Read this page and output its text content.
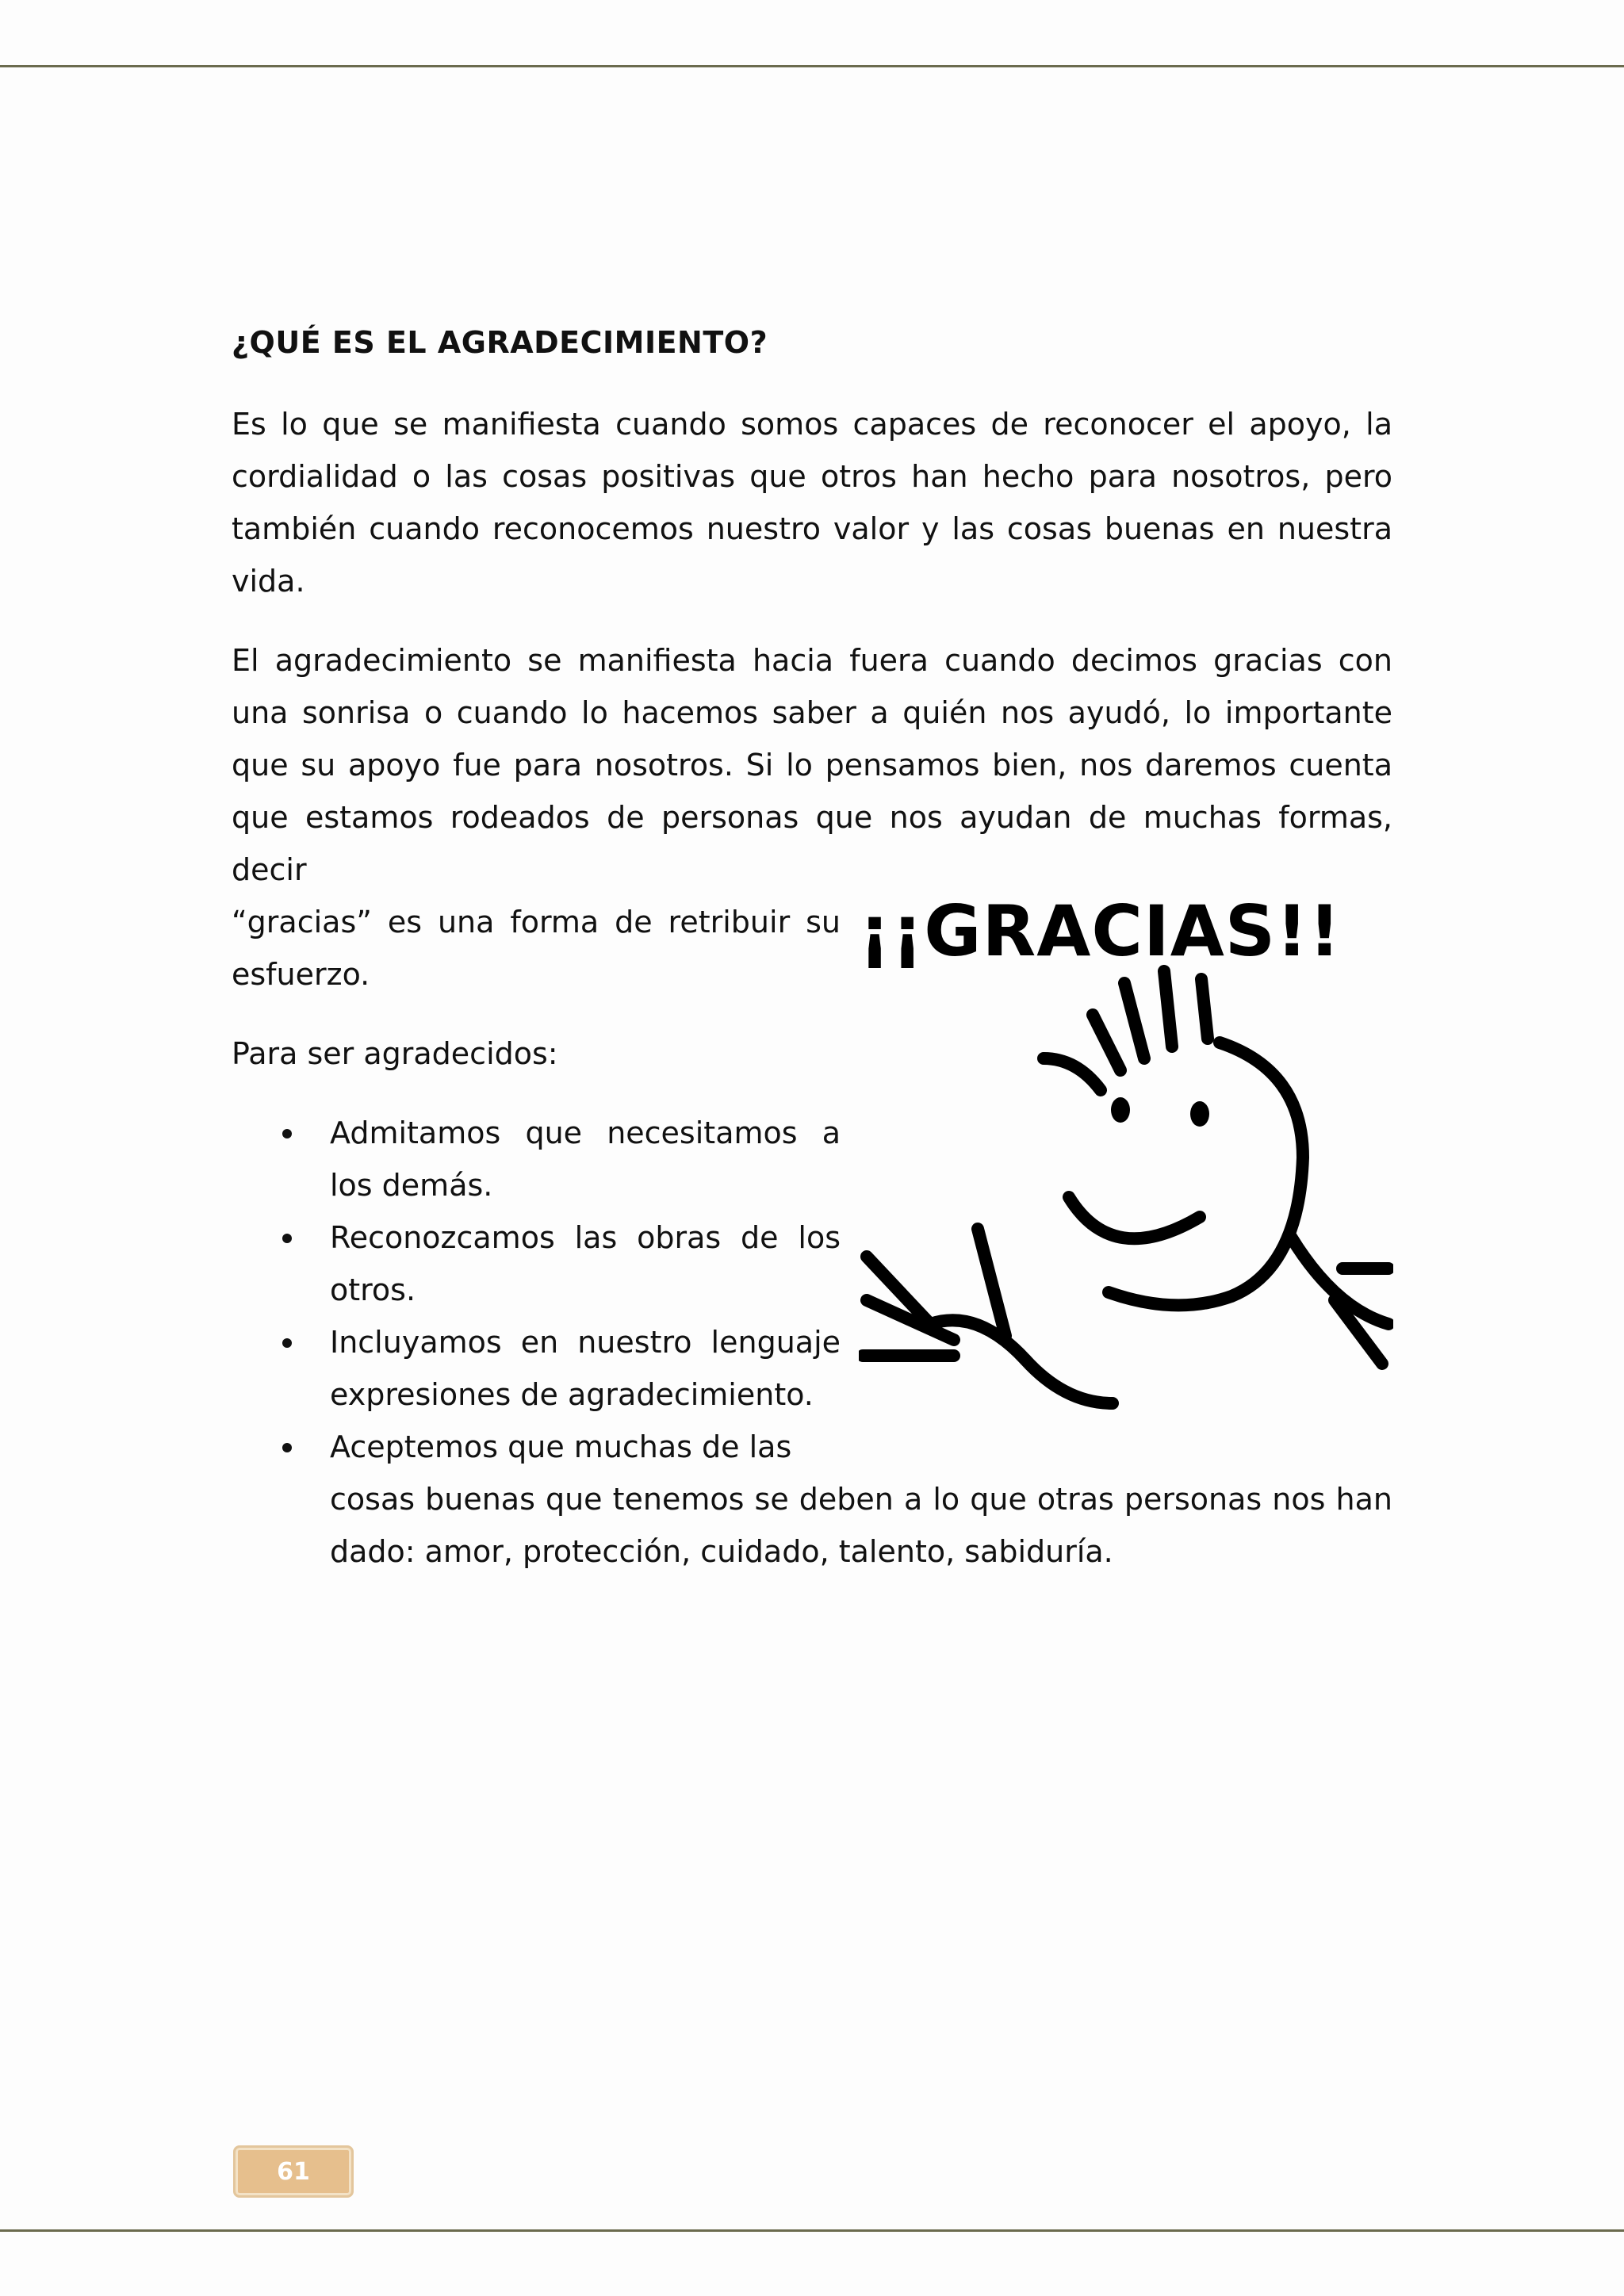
¿QUÉ ES EL AGRADECIMIENTO?

Es lo que se manifiesta cuando somos capaces de reconocer el apoyo, la cordialidad o las cosas positivas que otros han hecho para nosotros, pero también cuando reconocemos nuestro valor y las cosas buenas en nuestra vida.

El agradecimiento se manifiesta hacia fuera cuando decimos gracias con una sonrisa o cuando lo hacemos saber a quién nos ayudó, lo importante que su apoyo fue para nosotros. Si lo pensamos bien, nos daremos cuenta que estamos rodeados de personas que nos ayudan de muchas formas, decir

“gracias” es una forma de retribuir su esfuerzo.

Para ser agradecidos:

Admitamos que necesitamos a los demás.
Reconozcamos las obras de los otros.
Incluyamos en nuestro lenguaje expresiones de agradecimiento.
Aceptemos que muchas de las
cosas buenas que tenemos se deben a lo que otras personas nos han dado: amor, protección, cuidado, talento, sabiduría.
¡¡GRACIAS!!
61
